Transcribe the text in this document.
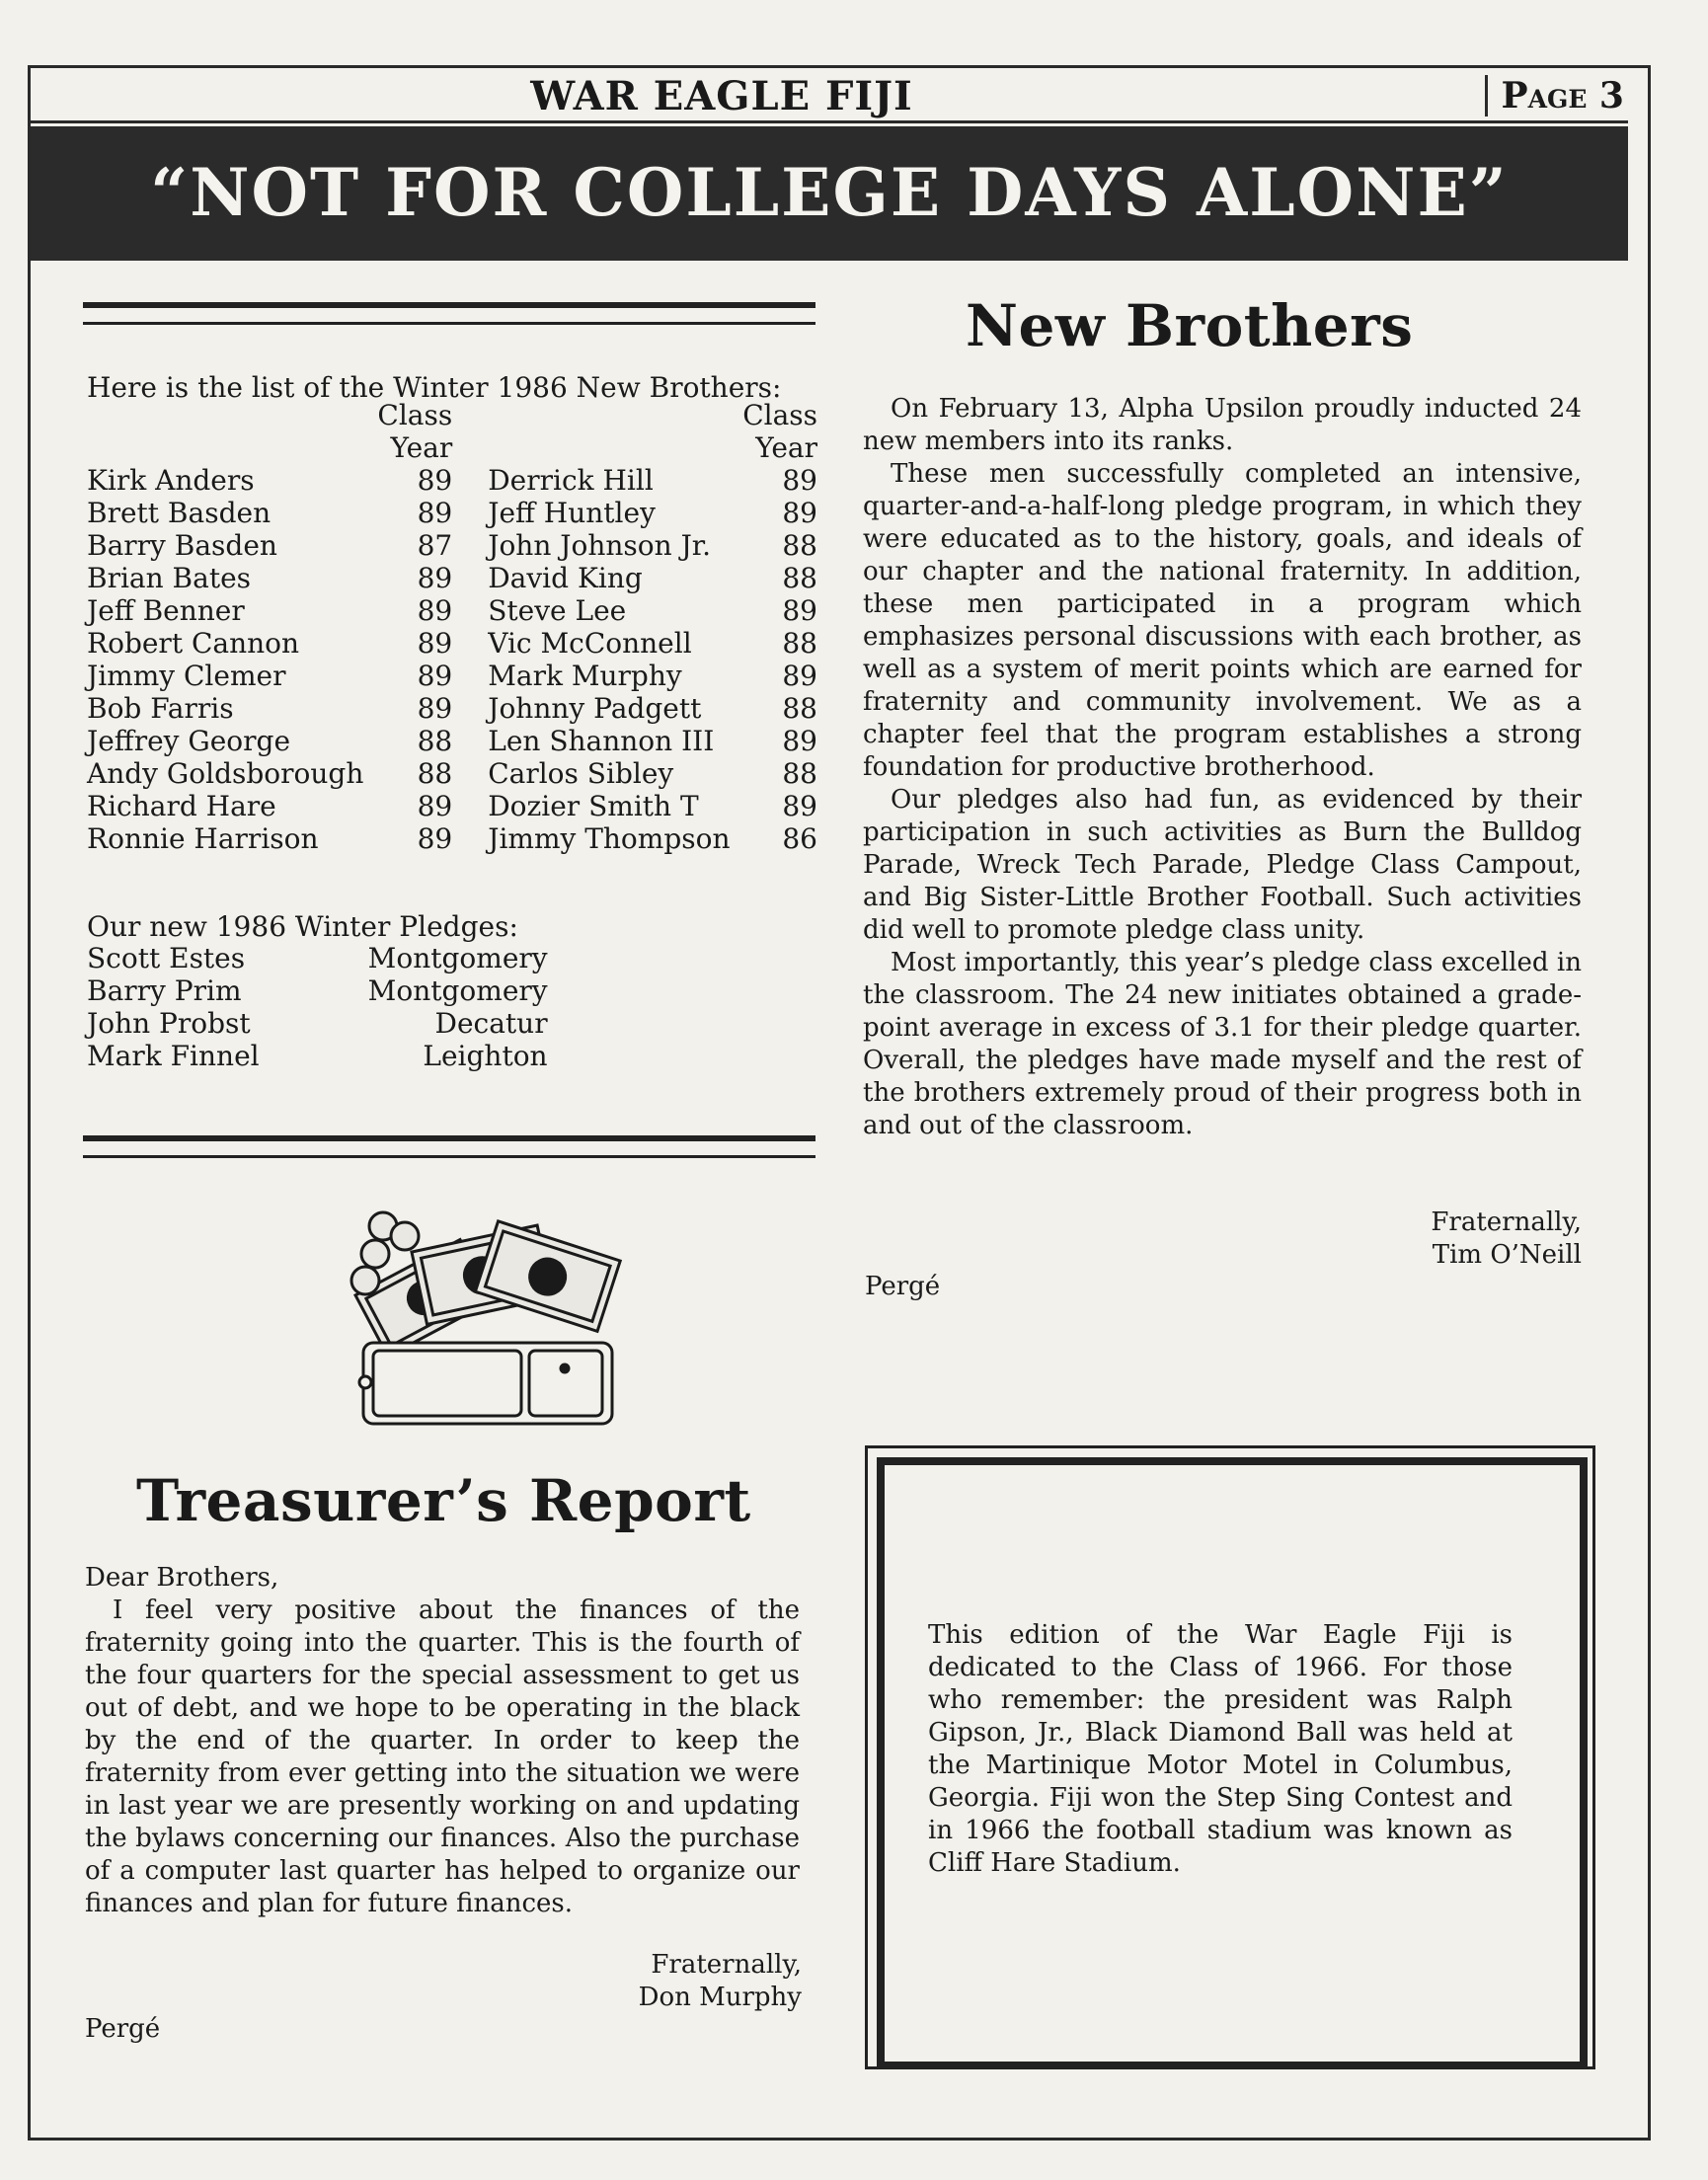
WAR EAGLE FIJI	Page 3
“NOT FOR COLLEGE DAYS ALONE”
Here is the list of the Winter 1986 New Brothers:
	Class			Class
	Year			Year
Kirk Anders	89		Derrick Hill	89
Brett Basden	89		Jeff Huntley	89
Barry Basden	87		John Johnson Jr.	88
Brian Bates	89		David King	88
Jeff Benner	89		Steve Lee	89
Robert Cannon	89		Vic McConnell	88
Jimmy Clemer	89		Mark Murphy	89
Bob Farris	89		Johnny Padgett	88
Jeffrey George	88		Len Shannon III	89
Andy Goldsborough	88		Carlos Sibley	88
Richard Hare	89		Dozier Smith T	89
Ronnie Harrison	89		Jimmy Thompson	86
Our new 1986 Winter Pledges:
Scott Estes	Montgomery
Barry Prim	Montgomery
John Probst	Decatur
Mark Finnel	Leighton
Treasurer’s Report

Dear Brothers,

I feel very positive about the finances of the fraternity going into the quarter. This is the fourth of the four quarters for the special assessment to get us out of debt, and we hope to be operating in the black by the end of the quarter. In order to keep the fraternity from ever getting into the situation we were in last year we are presently working on and updating the bylaws concerning our finances. Also the purchase of a computer last quarter has helped to organize our finances and plan for future finances.

Fraternally,
Don Murphy
Pergé
New Brothers

On February 13, Alpha Upsilon proudly inducted 24 new members into its ranks.

These men successfully completed an intensive, quarter-and-a-half-long pledge program, in which they were educated as to the history, goals, and ideals of our chapter and the national fraternity. In addition, these men participated in a program which emphasizes personal discussions with each brother, as well as a system of merit points which are earned for fraternity and community involvement. We as a chapter feel that the program establishes a strong foundation for productive brotherhood.

Our pledges also had fun, as evidenced by their participation in such activities as Burn the Bulldog Parade, Wreck Tech Parade, Pledge Class Campout, and Big Sister-Little Brother Football. Such activities did well to promote pledge class unity.

Most importantly, this year’s pledge class excelled in the classroom. The 24 new initiates obtained a grade-point average in excess of 3.1 for their pledge quarter. Overall, the pledges have made myself and the rest of the brothers extremely proud of their progress both in and out of the classroom.

Fraternally,
Tim O’Neill
Pergé
This edition of the War Eagle Fiji is dedicated to the Class of 1966. For those who remember: the president was Ralph Gipson, Jr., Black Diamond Ball was held at the Martinique Motor Motel in Columbus, Georgia. Fiji won the Step Sing Contest and in 1966 the football stadium was known as Cliff Hare Stadium.
